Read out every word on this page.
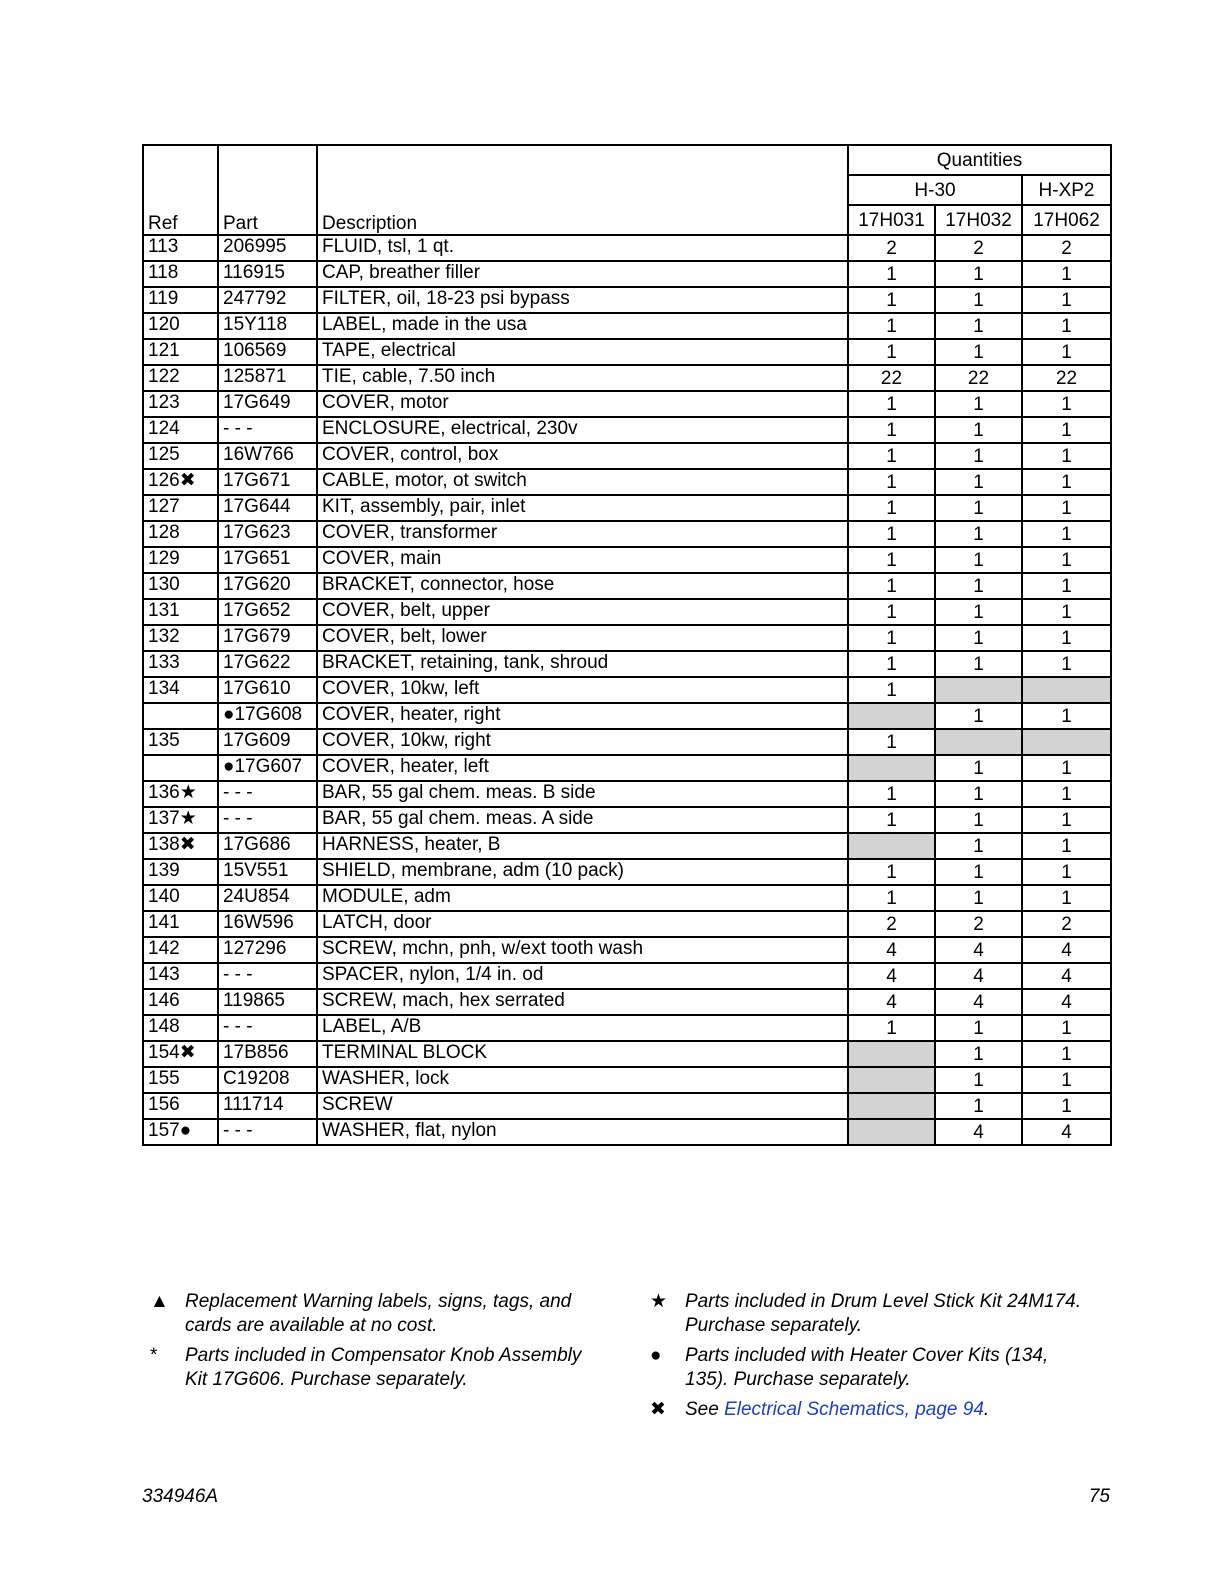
Ref	Part	Description	Quantities		
			H-30		H-XP2
			17H031	17H032	17H062
113	206995	FLUID, tsl, 1 qt.	2	2	2
118	116915	CAP, breather filler	1	1	1
119	247792	FILTER, oil, 18-23 psi bypass	1	1	1
120	15Y118	LABEL, made in the usa	1	1	1
121	106569	TAPE, electrical	1	1	1
122	125871	TIE, cable, 7.50 inch	22	22	22
123	17G649	COVER, motor	1	1	1
124	- - -	ENCLOSURE, electrical, 230v	1	1	1
125	16W766	COVER, control, box	1	1	1
126✖	17G671	CABLE, motor, ot switch	1	1	1
127	17G644	KIT, assembly, pair, inlet	1	1	1
128	17G623	COVER, transformer	1	1	1
129	17G651	COVER, main	1	1	1
130	17G620	BRACKET, connector, hose	1	1	1
131	17G652	COVER, belt, upper	1	1	1
132	17G679	COVER, belt, lower	1	1	1
133	17G622	BRACKET, retaining, tank, shroud	1	1	1
134	17G610	COVER, 10kw, left	1		
	●17G608	COVER, heater, right		1	1
135	17G609	COVER, 10kw, right	1		
	●17G607	COVER, heater, left		1	1
136★	- - -	BAR, 55 gal chem. meas. B side	1	1	1
137★	- - -	BAR, 55 gal chem. meas. A side	1	1	1
138✖	17G686	HARNESS, heater, B		1	1
139	15V551	SHIELD, membrane, adm (10 pack)	1	1	1
140	24U854	MODULE, adm	1	1	1
141	16W596	LATCH, door	2	2	2
142	127296	SCREW, mchn, pnh, w/ext tooth wash	4	4	4
143	- - -	SPACER, nylon, 1/4 in. od	4	4	4
146	119865	SCREW, mach, hex serrated	4	4	4
148	- - -	LABEL, A/B	1	1	1
154✖	17B856	TERMINAL BLOCK		1	1
155	C19208	WASHER, lock		1	1
156	111714	SCREW		1	1
157●	- - -	WASHER, flat, nylon		4	4
▲ Replacement Warning labels, signs, tags, and
cards are available at no cost.
*	Parts included in Compensator Knob Assembly
Kit 17G606. Purchase separately.
★ Parts included in Drum Level Stick Kit 24M174.
Purchase separately.
●	Parts included with Heater Cover Kits (134,
135). Purchase separately.
✖	See Electrical Schematics, page 94.
334946A	75
